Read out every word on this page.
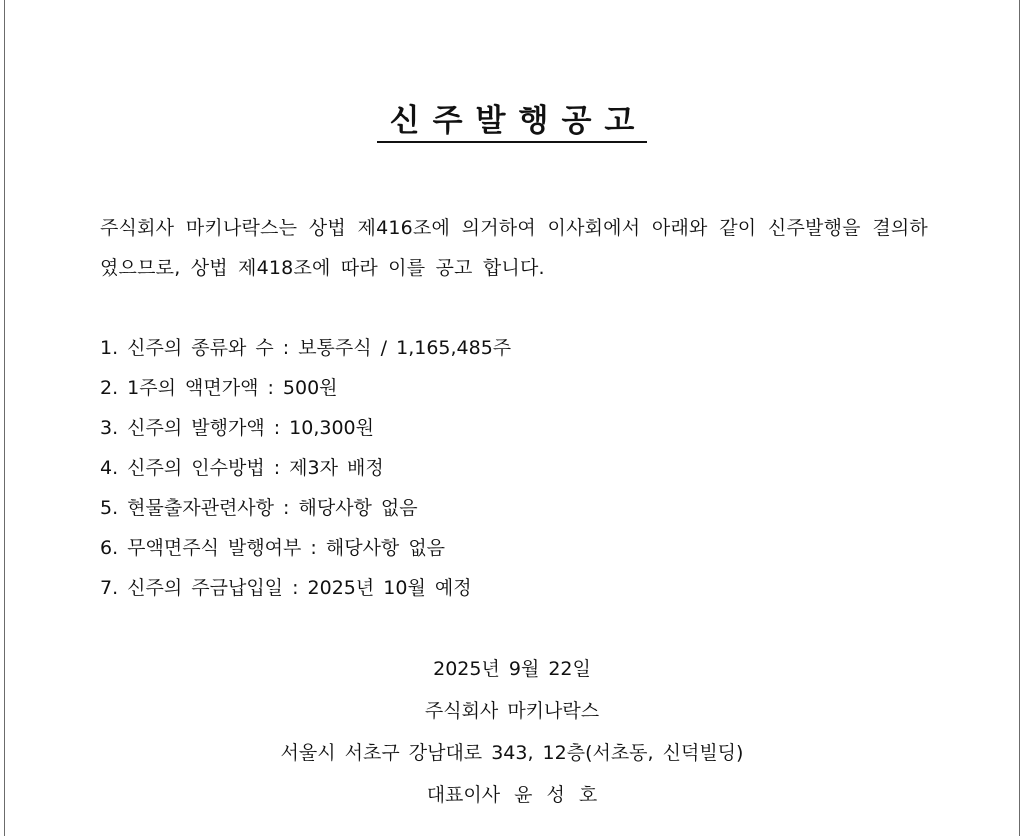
신주발행공고
주식회사 마키나락스는 상법 제416조에 의거하여 이사회에서 아래와 같이 신주발행을 결의하였으므로, 상법 제418조에 따라 이를 공고 합니다.
1. 신주의 종류와 수 : 보통주식 / 1,165,485주
2. 1주의 액면가액 : 500원
3. 신주의 발행가액 : 10,300원
4. 신주의 인수방법 : 제3자 배정
5. 현물출자관련사항 : 해당사항 없음
6. 무액면주식 발행여부 : 해당사항 없음
7. 신주의 주금납입일 : 2025년 10월 예정
2025년 9월 22일
주식회사 마키나락스
서울시 서초구 강남대로 343, 12층(서초동, 신덕빌딩)
대표이사 윤 성 호
